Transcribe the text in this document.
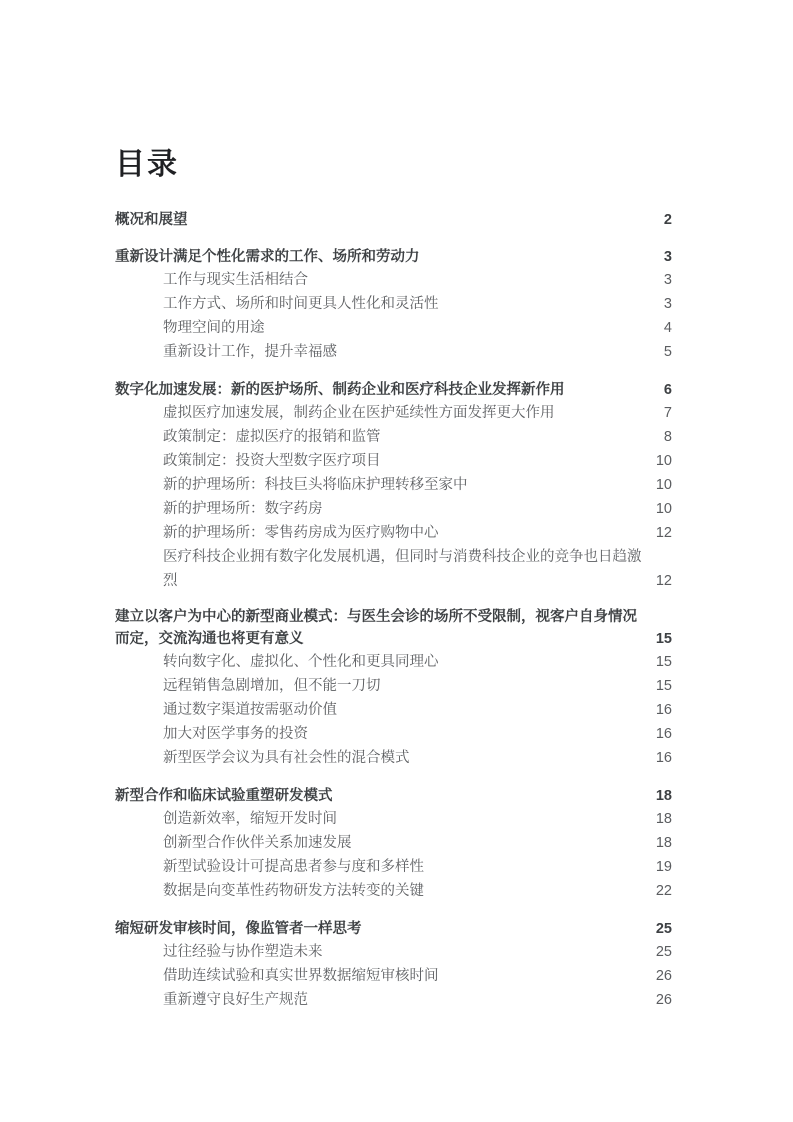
目录
概况和展望	2
重新设计满足个性化需求的工作、场所和劳动力	3
工作与现实生活相结合	3
工作方式、场所和时间更具人性化和灵活性	3
物理空间的用途	4
重新设计工作，提升幸福感	5
数字化加速发展：新的医护场所、制药企业和医疗科技企业发挥新作用	6
虚拟医疗加速发展，制药企业在医护延续性方面发挥更大作用	7
政策制定：虚拟医疗的报销和监管	8
政策制定：投资大型数字医疗项目	10
新的护理场所：科技巨头将临床护理转移至家中	10
新的护理场所：数字药房	10
新的护理场所：零售药房成为医疗购物中心	12
医疗科技企业拥有数字化发展机遇，但同时与消费科技企业的竞争也日趋激烈	12
建立以客户为中心的新型商业模式：与医生会诊的场所不受限制，视客户自身情况而定，交流沟通也将更有意义	15
转向数字化、虚拟化、个性化和更具同理心	15
远程销售急剧增加，但不能一刀切	15
通过数字渠道按需驱动价值	16
加大对医学事务的投资	16
新型医学会议为具有社会性的混合模式	16
新型合作和临床试验重塑研发模式	18
创造新效率，缩短开发时间	18
创新型合作伙伴关系加速发展	18
新型试验设计可提高患者参与度和多样性	19
数据是向变革性药物研发方法转变的关键	22
缩短研发审核时间，像监管者一样思考	25
过往经验与协作塑造未来	25
借助连续试验和真实世界数据缩短审核时间	26
重新遵守良好生产规范	26
